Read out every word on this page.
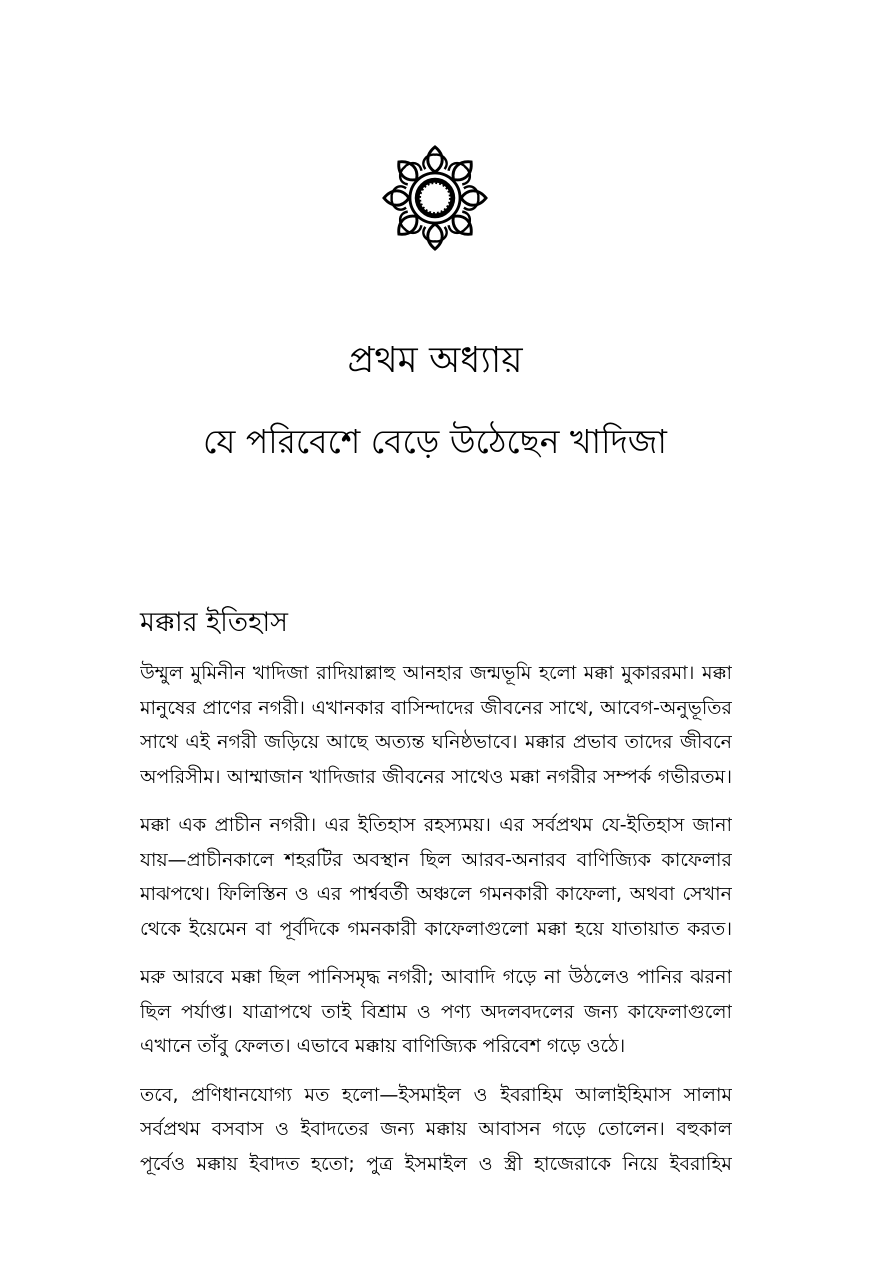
প্রথম অধ্যায়
যে পরিবেশে বেড়ে উঠেছেন খাদিজা
মক্কার ইতিহাস
উম্মুল মুমিনীন খাদিজা রাদিয়াল্লাহু আনহার জন্মভূমি হলো মক্কা মুকাররমা। মক্কা
মানুষের প্রাণের নগরী। এখানকার বাসিন্দাদের জীবনের সাথে, আবেগ-অনুভূতির
সাথে এই নগরী জড়িয়ে আছে অত্যন্ত ঘনিষ্ঠভাবে। মক্কার প্রভাব তাদের জীবনে
অপরিসীম। আম্মাজান খাদিজার জীবনের সাথেও মক্কা নগরীর সম্পর্ক গভীরতম।
মক্কা এক প্রাচীন নগরী। এর ইতিহাস রহস্যময়। এর সর্বপ্রথম যে-ইতিহাস জানা
যায়—প্রাচীনকালে শহরটির অবস্থান ছিল আরব-অনারব বাণিজ্যিক কাফেলার
মাঝপথে। ফিলিস্তিন ও এর পার্শ্ববর্তী অঞ্চলে গমনকারী কাফেলা, অথবা সেখান
থেকে ইয়েমেন বা পূর্বদিকে গমনকারী কাফেলাগুলো মক্কা হয়ে যাতায়াত করত।
মরু আরবে মক্কা ছিল পানিসমৃদ্ধ নগরী; আবাদি গড়ে না উঠলেও পানির ঝরনা
ছিল পর্যাপ্ত। যাত্রাপথে তাই বিশ্রাম ও পণ্য অদলবদলের জন্য কাফেলাগুলো
এখানে তাঁবু ফেলত। এভাবে মক্কায় বাণিজ্যিক পরিবেশ গড়ে ওঠে।
তবে, প্রণিধানযোগ্য মত হলো—ইসমাইল ও ইবরাহিম আলাইহিমাস সালাম
সর্বপ্রথম বসবাস ও ইবাদতের জন্য মক্কায় আবাসন গড়ে তোলেন। বহুকাল
পূর্বেও মক্কায় ইবাদত হতো; পুত্র ইসমাইল ও স্ত্রী হাজেরাকে নিয়ে ইবরাহিম
